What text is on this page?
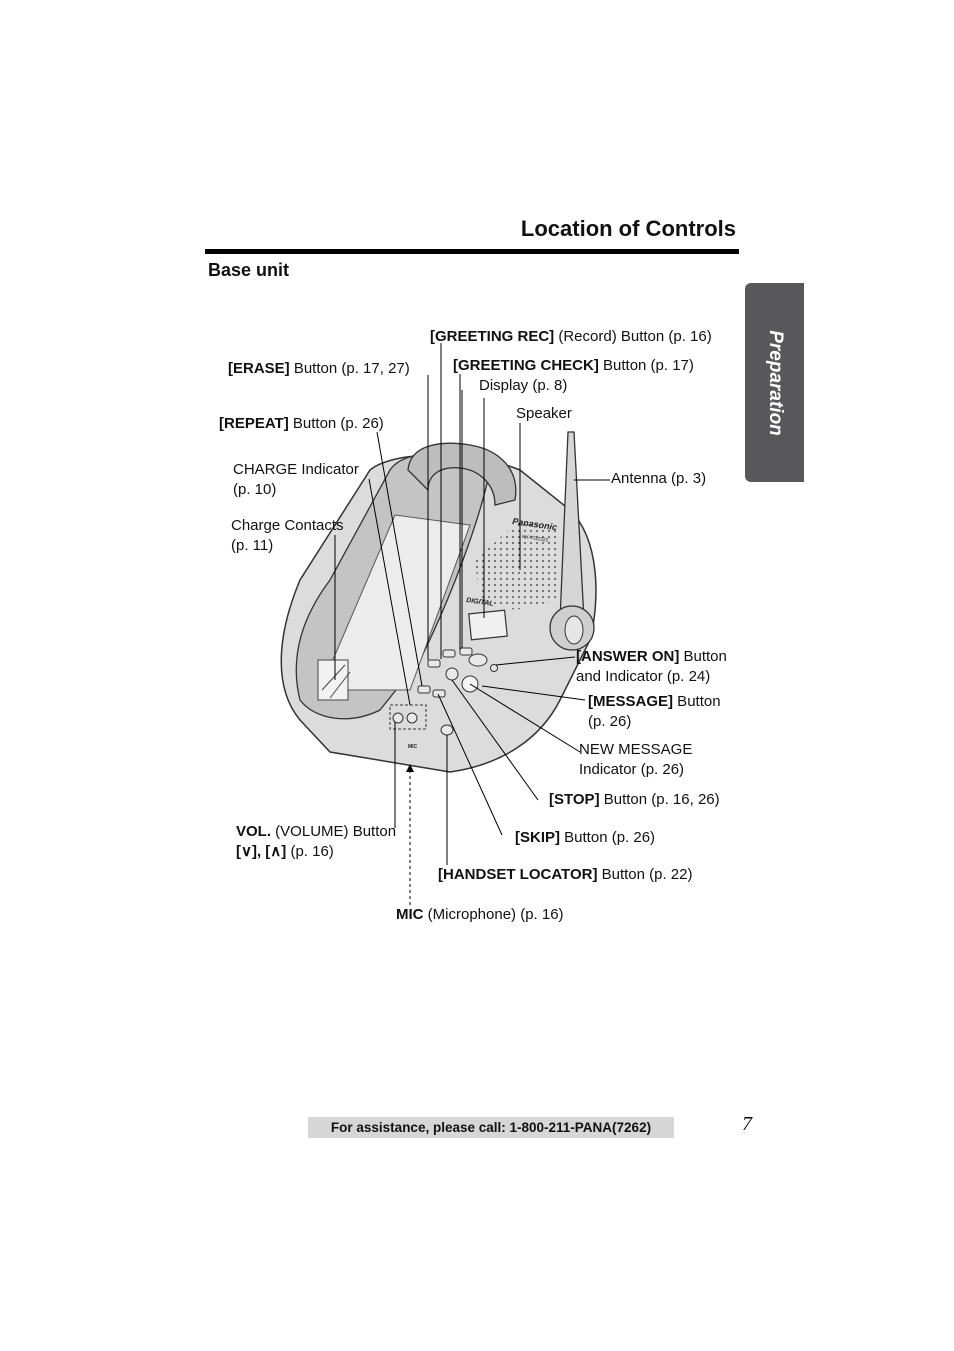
Location of Controls
Base unit
Preparation
Panasonic
KX-TG2322
DIGITAL
MIC
[GREETING REC] (Record) Button (p. 16)
[ERASE] Button (p. 17, 27)	[GREETING CHECK] Button (p. 17)
Display (p. 8)
[REPEAT] Button (p. 26)
Speaker
CHARGE Indicator
(p. 10)
Antenna (p. 3)
Charge Contacts
(p. 11)
[ANSWER ON] Button
and Indicator (p. 24)
[MESSAGE] Button
(p. 26)
NEW MESSAGE
Indicator (p. 26)
[STOP] Button (p. 16, 26)
VOL. (VOLUME) Button
[∨], [∧] (p. 16)
[SKIP] Button (p. 26)
[HANDSET LOCATOR] Button (p. 22)
MIC (Microphone) (p. 16)
For assistance, please call: 1-800-211-PANA(7262)	7
